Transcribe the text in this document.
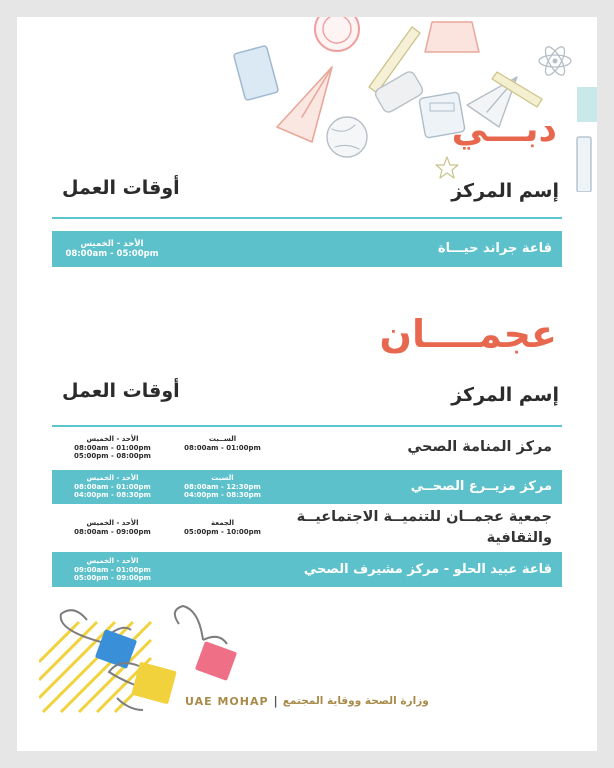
دبـــي
إسم المركز
أوقات العمل
قاعة جراند حيـــاة
الأحد - الخميس
08:00am - 05:00pm
عجمــــان
إسم المركز
أوقات العمل
مركز المنامة الصحي
الأحد - الخميس
08:00am - 01:00pm
05:00pm - 08:00pm
الســبت
08:00am - 01:00pm
مركز مزيــرع الصحــي
الأحد - الخميس
08:00am - 01:00pm
04:00pm - 08:30pm
السبت
08:00am - 12:30pm
04:00pm - 08:30pm
جمعية عجمــان للتنميــة الاجتماعيــة والثقافية
الأحد - الخميس
08:00am - 09:00pm
الجمعة
05:00pm - 10:00pm
قاعة عبيد الحلو - مركز مشيرف الصحي
الأحد - الخميس
09:00am - 01:00pm
05:00pm - 09:00pm
UAE MOHAP | وزارة الصحة ووقاية المجتمع
